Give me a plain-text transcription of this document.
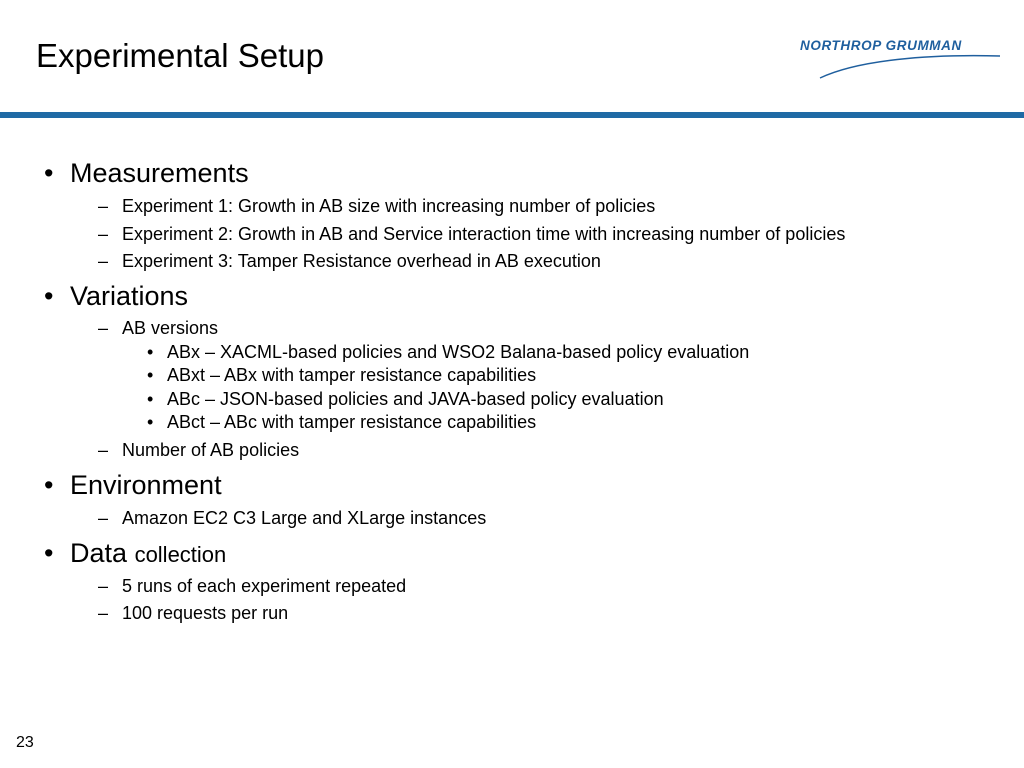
Experimental Setup	NORTHROP GRUMMAN
• Measurements
– Experiment 1: Growth in AB size with increasing number of policies
– Experiment 2: Growth in AB and Service interaction time with increasing number of policies
– Experiment 3: Tamper Resistance overhead in AB execution
• Variations
– AB versions
• ABx – XACML-based policies and WSO2 Balana-based policy evaluation
• ABxt – ABx with tamper resistance capabilities
• ABc – JSON-based policies and JAVA-based policy evaluation
• ABct – ABc with tamper resistance capabilities
– Number of AB policies
• Environment
– Amazon EC2 C3 Large and XLarge instances
• Data collection
– 5 runs of each experiment repeated
– 100 requests per run
23
